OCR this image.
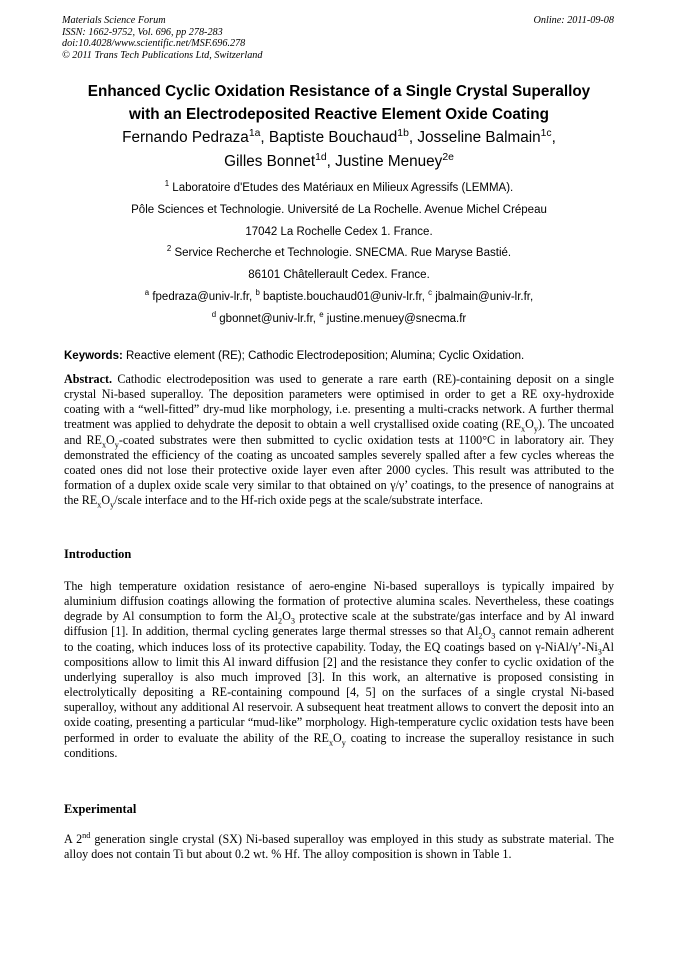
Materials Science Forum
ISSN: 1662-9752, Vol. 696, pp 278-283
doi:10.4028/www.scientific.net/MSF.696.278
© 2011 Trans Tech Publications Ltd, Switzerland
Online: 2011-09-08
Enhanced Cyclic Oxidation Resistance of a Single Crystal Superalloy
with an Electrodeposited Reactive Element Oxide Coating
Fernando Pedraza$^{1a}$, Baptiste Bouchaud$^{1b}$, Josseline Balmain$^{1c}$,
Gilles Bonnet$^{1d}$, Justine Menuey$^{2e}$
$^1$ Laboratoire d'Etudes des Matériaux en Milieux Agressifs (LEMMA).
Pôle Sciences et Technologie. Université de La Rochelle. Avenue Michel Crépeau
17042 La Rochelle Cedex 1. France.
$^2$ Service Recherche et Technologie. SNECMA. Rue Maryse Bastié.
86101 Châtellerault Cedex. France.
$^a$ fpedraza@univ-lr.fr, $^b$ baptiste.bouchaud01@univ-lr.fr, $^c$ jbalmain@univ-lr.fr,
$^d$ gbonnet@univ-lr.fr, $^e$ justine.menuey@snecma.fr
Keywords: Reactive element (RE); Cathodic Electrodeposition; Alumina; Cyclic Oxidation.
Abstract. Cathodic electrodeposition was used to generate a rare earth (RE)-containing deposit on a single crystal Ni-based superalloy. The deposition parameters were optimised in order to get a RE oxy-hydroxide coating with a “well-fitted” dry-mud like morphology, i.e. presenting a multi-cracks network. A further thermal treatment was applied to dehydrate the deposit to obtain a well crystallised oxide coating $(RE_xO_y)$. The uncoated and $RE_xO_y$-coated substrates were then submitted to cyclic oxidation tests at 1100°C in laboratory air. They demonstrated the efficiency of the coating as uncoated samples severely spalled after a few cycles whereas the coated ones did not lose their protective oxide layer even after 2000 cycles. This result was attributed to the formation of a duplex oxide scale very similar to that obtained on γ/γ’ coatings, to the presence of nanograins at the $RE_xO_y$/scale interface and to the Hf-rich oxide pegs at the scale/substrate interface.
Introduction
The high temperature oxidation resistance of aero-engine Ni-based superalloys is typically impaired by aluminium diffusion coatings allowing the formation of protective alumina scales. Nevertheless, these coatings degrade by Al consumption to form the $Al_2O_3$ protective scale at the substrate/gas interface and by Al inward diffusion [1]. In addition, thermal cycling generates large thermal stresses so that $Al_2O_3$ cannot remain adherent to the coating, which induces loss of its protective capability. Today, the EQ coatings based on $\gamma-NiAl/\gamma’-Ni_3Al$ compositions allow to limit this Al inward diffusion [2] and the resistance they confer to cyclic oxidation of the underlying superalloy is also much improved [3]. In this work, an alternative is proposed consisting in electrolytically depositing a RE-containing compound [4, 5] on the surfaces of a single crystal Ni-based superalloy, without any additional Al reservoir. A subsequent heat treatment allows to convert the deposit into an oxide coating, presenting a particular “mud-like” morphology. High-temperature cyclic oxidation tests have been performed in order to evaluate the ability of the $RE_xO_y$ coating to increase the superalloy resistance in such conditions.
Experimental
A 2nd generation single crystal (SX) Ni-based superalloy was employed in this study as substrate material. The alloy does not contain Ti but about 0.2 wt. % Hf. The alloy composition is shown in Table 1.
